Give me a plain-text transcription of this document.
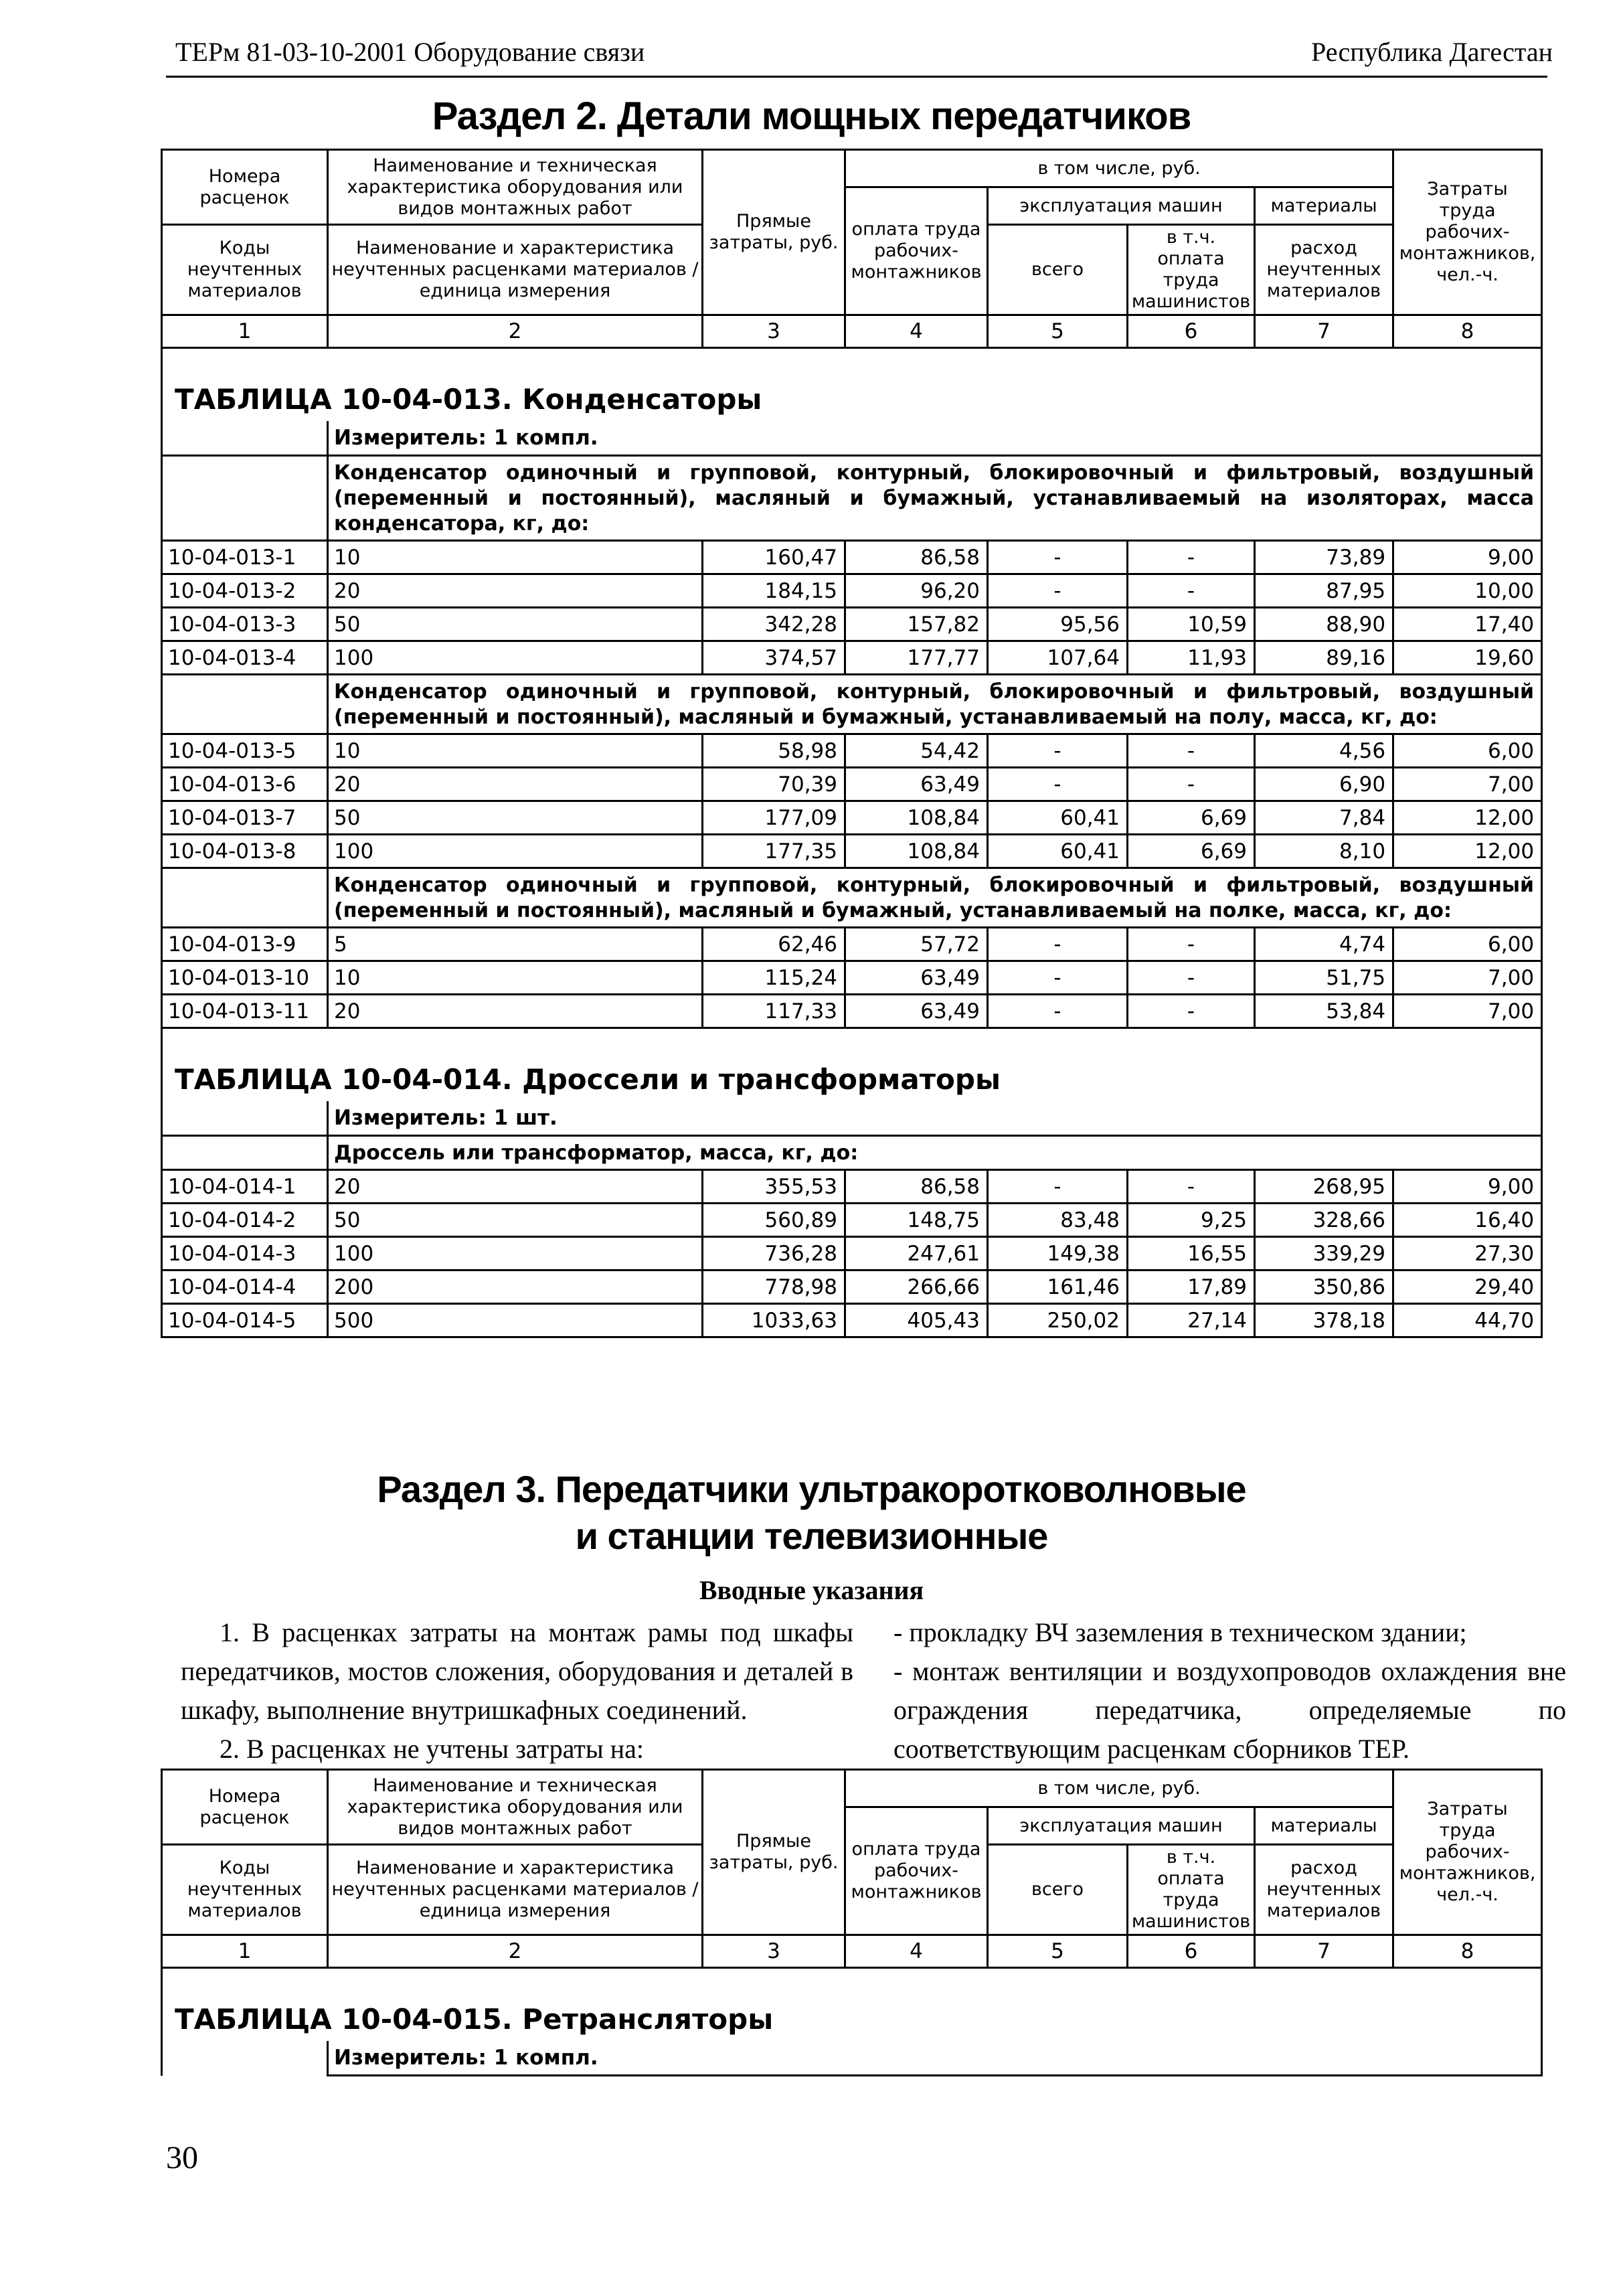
ТЕРм 81-03-10-2001 Оборудование связи	Республика Дагестан
Раздел 2. Детали мощных передатчиков
Номера расценок	Наименование и техническая характеристика оборудования или видов монтажных работ	Прямые затраты, руб.	в том числе, руб.				Затраты труда рабочих-монтажников, чел.-ч.
			оплата труда рабочих-монтажников	эксплуатация машин		материалы	
Коды неучтенных материалов	Наименование и характеристика неучтенных расценками материалов / единица измерения			всего	в т.ч. оплата труда машинистов	расход неучтенных материалов	

1	2	3	4	5	6	7	8
ТАБЛИЦА 10-04-013. Конденсаторы							
	Измеритель: 1 компл.						
	Конденсатор одиночный и групповой, контурный, блокировочный и фильтровый, воздушный (переменный и постоянный), масляный и бумажный, устанавливаемый на изоляторах, масса конденсатора, кг, до:						
10-04-013-1	10	160,47	86,58	-	-	73,89	9,00
10-04-013-2	20	184,15	96,20	-	-	87,95	10,00
10-04-013-3	50	342,28	157,82	95,56	10,59	88,90	17,40
10-04-013-4	100	374,57	177,77	107,64	11,93	89,16	19,60
	Конденсатор одиночный и групповой, контурный, блокировочный и фильтровый, воздушный (переменный и постоянный), масляный и бумажный, устанавливаемый на полу, масса, кг, до:						
10-04-013-5	10	58,98	54,42	-	-	4,56	6,00
10-04-013-6	20	70,39	63,49	-	-	6,90	7,00
10-04-013-7	50	177,09	108,84	60,41	6,69	7,84	12,00
10-04-013-8	100	177,35	108,84	60,41	6,69	8,10	12,00
	Конденсатор одиночный и групповой, контурный, блокировочный и фильтровый, воздушный (переменный и постоянный), масляный и бумажный, устанавливаемый на полке, масса, кг, до:						
10-04-013-9	5	62,46	57,72	-	-	4,74	6,00
10-04-013-10	10	115,24	63,49	-	-	51,75	7,00
10-04-013-11	20	117,33	63,49	-	-	53,84	7,00
ТАБЛИЦА 10-04-014. Дроссели и трансформаторы							
	Измеритель: 1 шт.						
	Дроссель или трансформатор, масса, кг, до:						
10-04-014-1	20	355,53	86,58	-	-	268,95	9,00
10-04-014-2	50	560,89	148,75	83,48	9,25	328,66	16,40
10-04-014-3	100	736,28	247,61	149,38	16,55	339,29	27,30
10-04-014-4	200	778,98	266,66	161,46	17,89	350,86	29,40
10-04-014-5	500	1033,63	405,43	250,02	27,14	378,18	44,70
Раздел 3. Передатчики ультракоротковолновые
и станции телевизионные
Вводные указания

1. В расценках затраты на монтаж рамы под шкафы передатчиков, мостов сложения, оборудования и деталей в шкафу, выполнение внутришкафных соединений.

2. В расценках не учтены затраты на:

- прокладку ВЧ заземления в техническом здании;

- монтаж вентиляции и воздухопроводов охлаждения вне ограждения передатчика, определяемые по соответствующим расценкам сборников ТЕР.

Номера расценок	Наименование и техническая характеристика оборудования или видов монтажных работ	Прямые затраты, руб.	в том числе, руб.				Затраты труда рабочих-монтажников, чел.-ч.
			оплата труда рабочих-монтажников	эксплуатация машин		материалы	
Коды неучтенных материалов	Наименование и характеристика неучтенных расценками материалов / единица измерения			всего	в т.ч. оплата труда машинистов	расход неучтенных материалов	

1	2	3	4	5	6	7	8
ТАБЛИЦА 10-04-015. Ретрансляторы							
	Измеритель: 1 компл.						
30
